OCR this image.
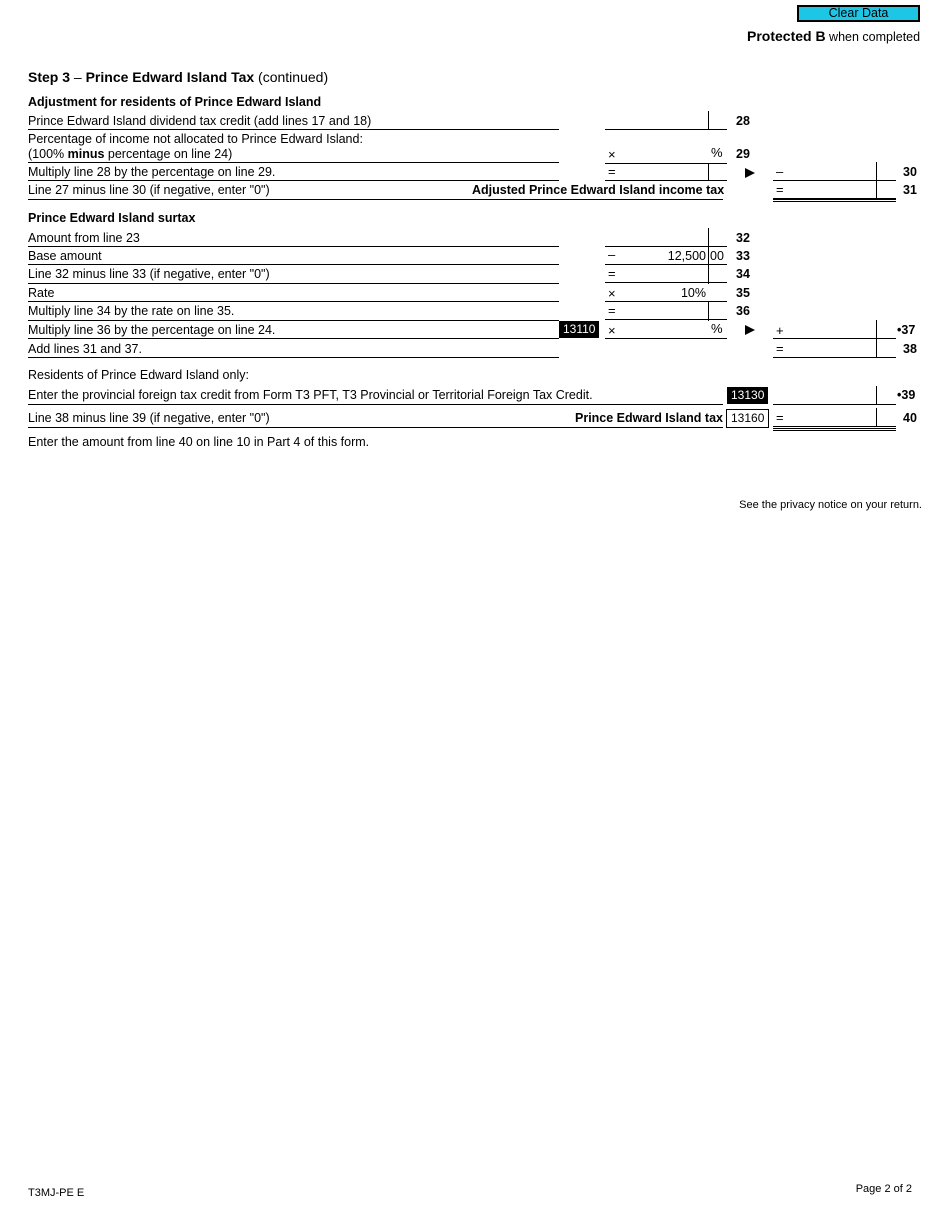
Clear Data
Protected B when completed
Step 3 – Prince Edward Island Tax (continued)
Adjustment for residents of Prince Edward Island
Prince Edward Island dividend tax credit (add lines 17 and 18)	28
Percentage of income not allocated to Prince Edward Island:
(100% minus percentage on line 24)	×	% 29
Multiply line 28 by the percentage on line 29.	=	–	30
Line 27 minus line 30 (if negative, enter "0")	Adjusted Prince Edward Island income tax	=	31
Prince Edward Island surtax
Amount from line 23	32
Base amount	–	12,500 00 33
Line 32 minus line 33 (if negative, enter "0")	=	34
Rate	×	10% 35
Multiply line 34 by the rate on line 35.	=	36
Multiply line 36 by the percentage on line 24.	13110 ×	%	+	•37
Add lines 31 and 37.	=	38
Residents of Prince Edward Island only:
Enter the provincial foreign tax credit from Form T3 PFT, T3 Provincial or Territorial Foreign Tax Credit.	13130	•39
Line 38 minus line 39 (if negative, enter "0")	Prince Edward Island tax 13160 =	40
Enter the amount from line 40 on line 10 in Part 4 of this form.
See the privacy notice on your return.
T3MJ-PE E	Page 2 of 2
